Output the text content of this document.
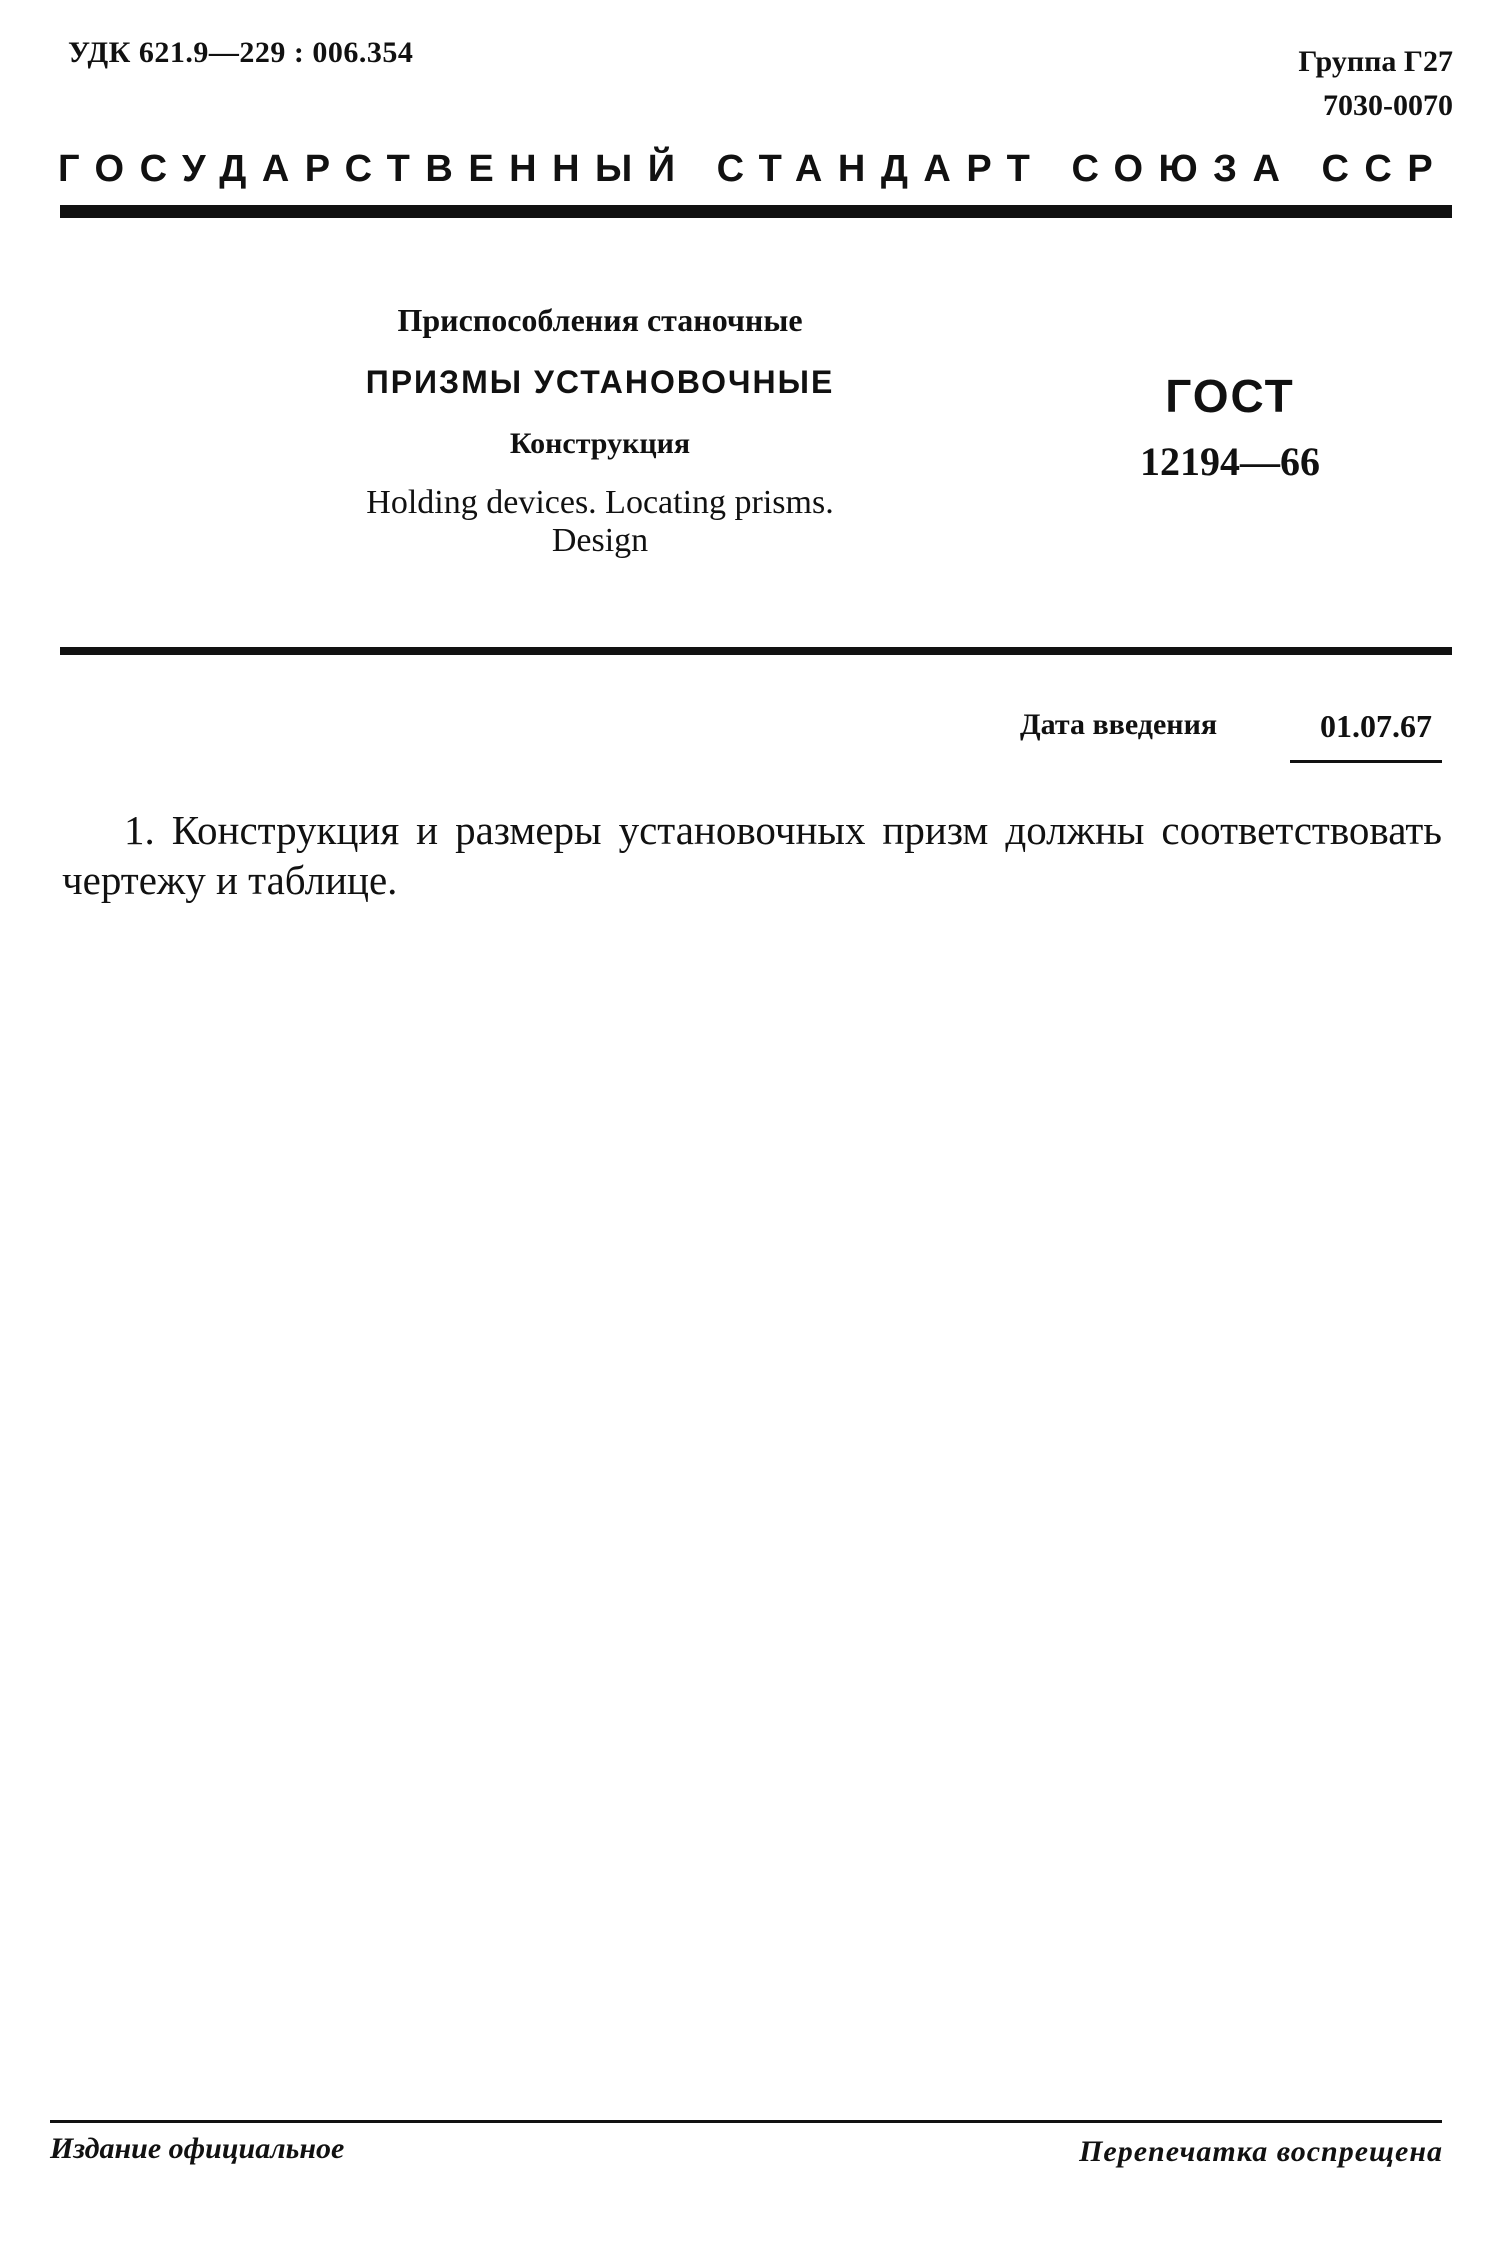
УДК 621.9—229 : 006.354	Группа Г27
7030-0070
ГОСУДАРСТВЕННЫЙ СТАНДАРТ СОЮЗА ССР
Приспособления станочные
ПРИЗМЫ УСТАНОВОЧНЫЕ
Конструкция
Holding devices. Locating prisms.
Design
ГОСТ
12194—66
Дата введения	01.07.67
1. Конструкция и размеры установочных призм должны соответствовать чертежу и таблице.
Издание официальное	Перепечатка воспрещена
